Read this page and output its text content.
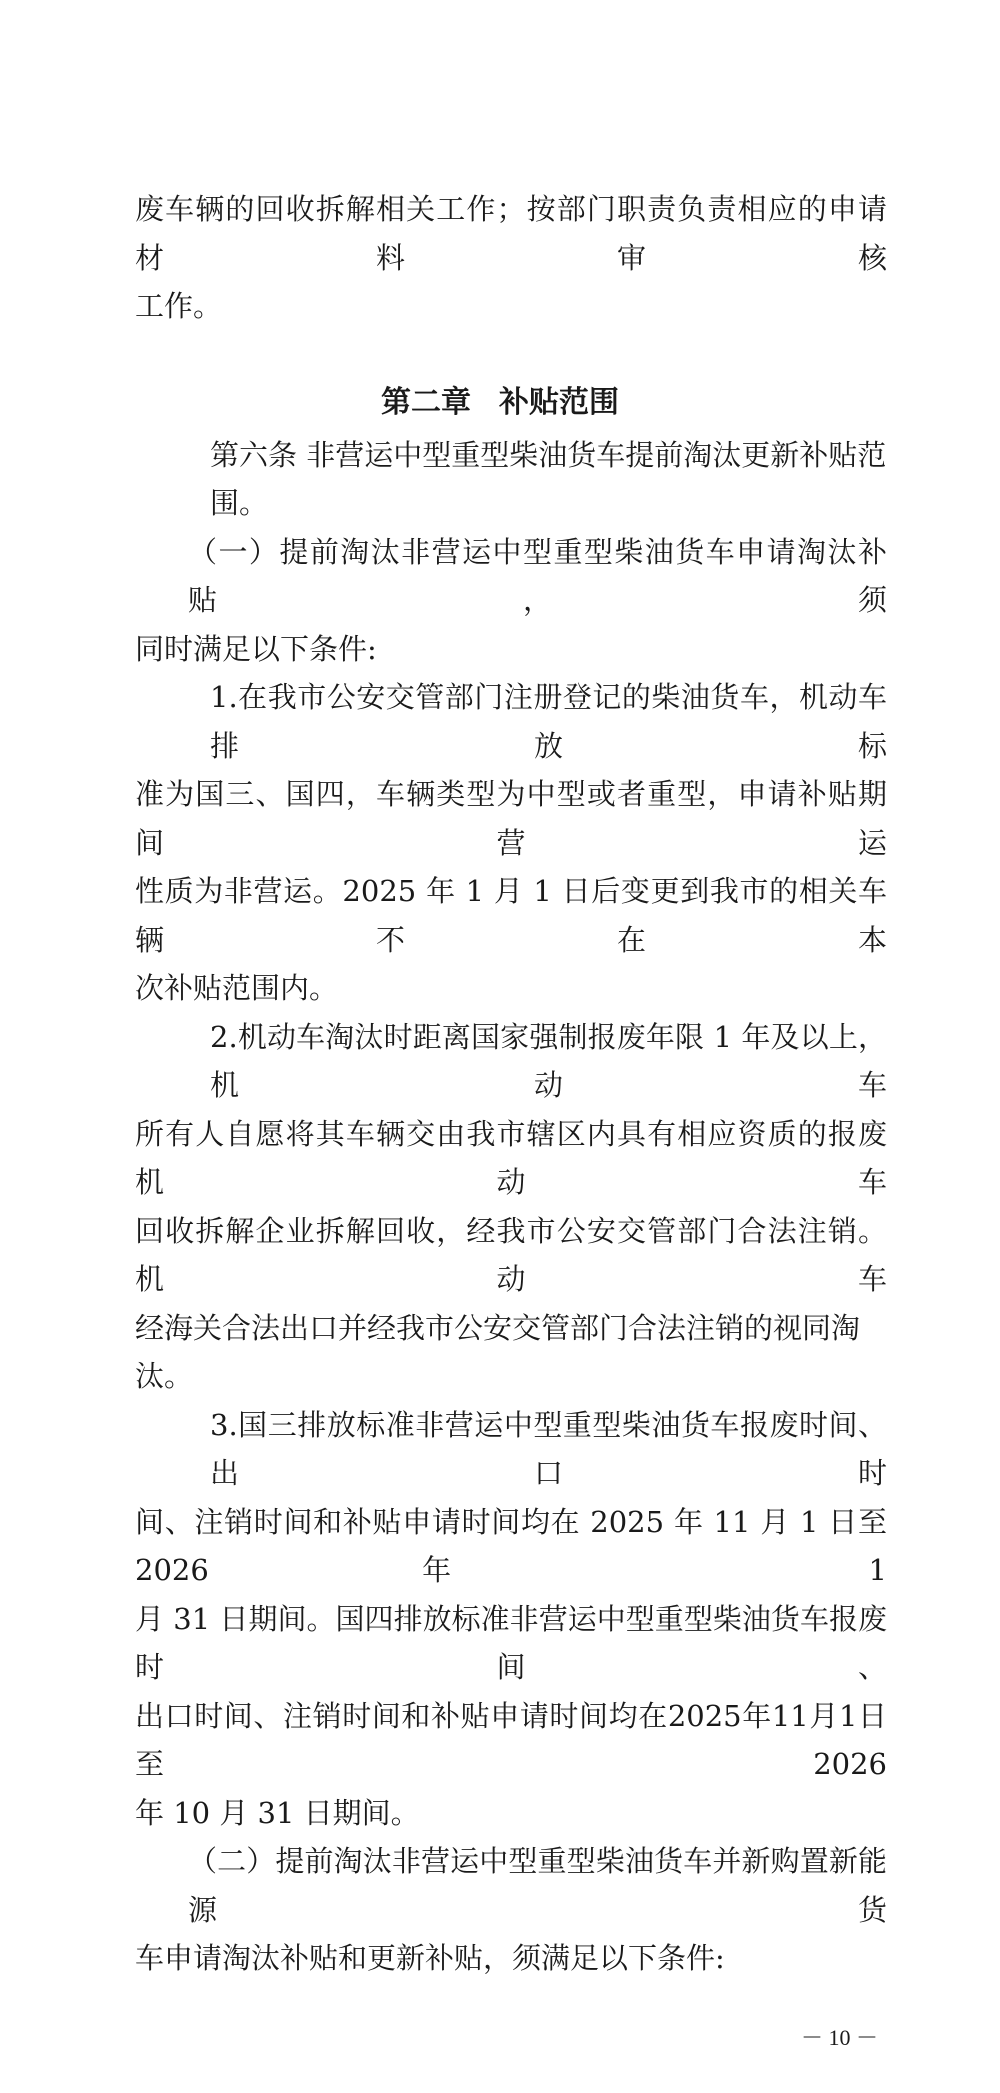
废车辆的回收拆解相关工作；按部门职责负责相应的申请材料审核
工作。
第二章 补贴范围
第六条 非营运中型重型柴油货车提前淘汰更新补贴范围。
（一）提前淘汰非营运中型重型柴油货车申请淘汰补贴，须
同时满足以下条件:
1.在我市公安交管部门注册登记的柴油货车，机动车排放标
准为国三、国四，车辆类型为中型或者重型，申请补贴期间营运
性质为非营运。2025 年 1 月 1 日后变更到我市的相关车辆不在本
次补贴范围内。
2.机动车淘汰时距离国家强制报废年限 1 年及以上，机动车
所有人自愿将其车辆交由我市辖区内具有相应资质的报废机动车
回收拆解企业拆解回收，经我市公安交管部门合法注销。机动车
经海关合法出口并经我市公安交管部门合法注销的视同淘汰。
3.国三排放标准非营运中型重型柴油货车报废时间、出口时
间、注销时间和补贴申请时间均在 2025 年 11 月 1 日至 2026 年 1
月 31 日期间。国四排放标准非营运中型重型柴油货车报废时间、
出口时间、注销时间和补贴申请时间均在2025年11月1日至2026
年 10 月 31 日期间。
（二）提前淘汰非营运中型重型柴油货车并新购置新能源货
车申请淘汰补贴和更新补贴，须满足以下条件:
－ 10 －
